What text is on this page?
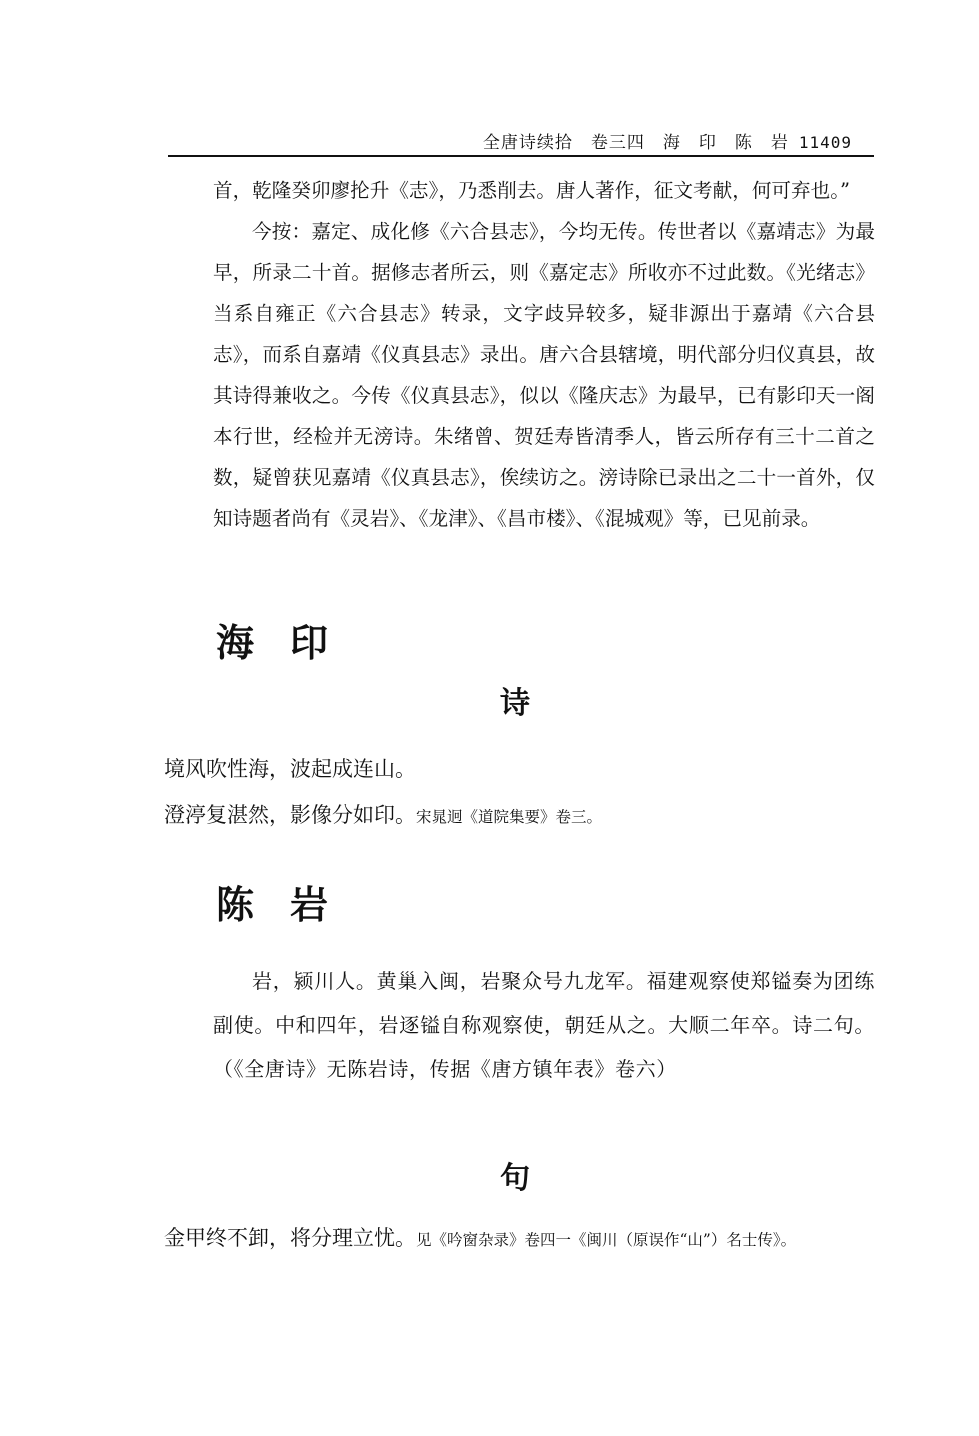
全唐诗续拾　卷三四　海　印　陈　岩 11409

首，乾隆癸卯廖抡升《志》，乃悉削去。唐人著作，征文考献，何可弃也。”

今按：嘉定、成化修《六合县志》，今均无传。传世者以《嘉靖志》为最早，所录二十首。据修志者所云，则《嘉定志》所收亦不过此数。《光绪志》当系自雍正《六合县志》转录，文字歧异较多，疑非源出于嘉靖《六合县志》，而系自嘉靖《仪真县志》录出。唐六合县辖境，明代部分归仪真县，故其诗得兼收之。今传《仪真县志》，似以《隆庆志》为最早，已有影印天一阁本行世，经检并无滂诗。朱绪曾、贺廷寿皆清季人，皆云所存有三十二首之数，疑曾获见嘉靖《仪真县志》，俟续访之。滂诗除已录出之二十一首外，仅知诗题者尚有《灵岩》、《龙津》、《昌市楼》、《混城观》等，已见前录。

海印
诗

境风吹性海，波起成连山。

澄渟复湛然，影像分如印。宋晁迥《道院集要》卷三。

陈岩

岩，颍川人。黄巢入闽，岩聚众号九龙军。福建观察使郑镒奏为团练副使。中和四年，岩逐镒自称观察使，朝廷从之。大顺二年卒。诗二句。（《全唐诗》无陈岩诗，传据《唐方镇年表》卷六）

句

金甲终不卸，将分理立忧。见《吟窗杂录》卷四一《闽川（原误作“山”）名士传》。
